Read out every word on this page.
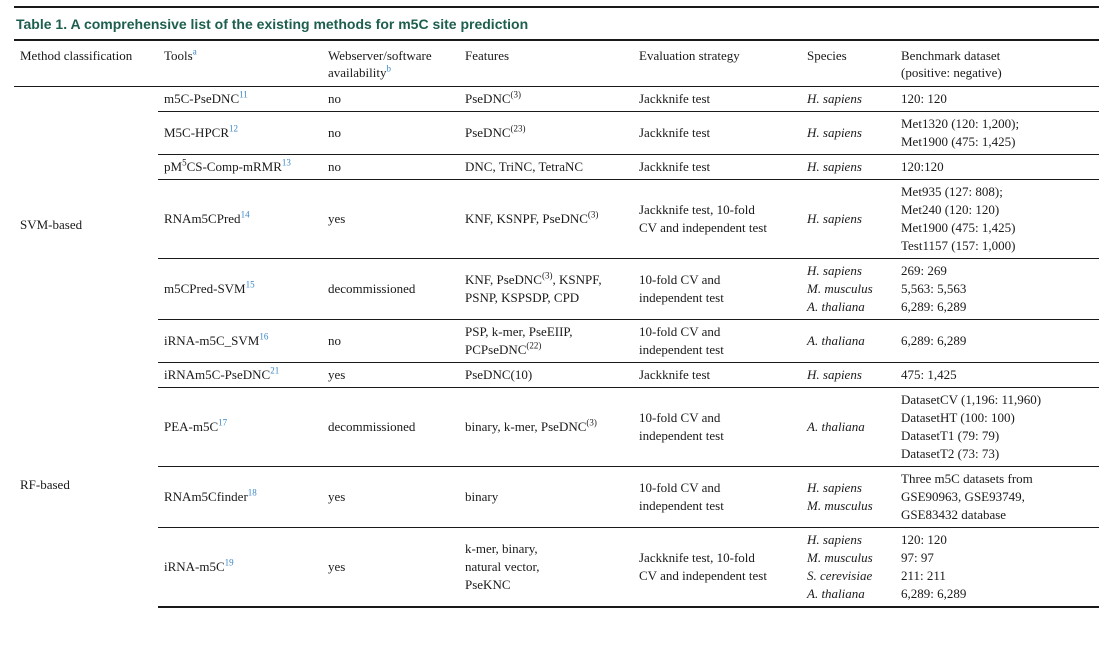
Table 1. A comprehensive list of the existing methods for m5C site prediction
Method classification	Tools$^a$	Webserver/software
availability$^b$	Features	Evaluation strategy	Species	Benchmark dataset
(positive: negative)
SVM-based	m5C-PseDNC$^{11}$	no	PseDNC$^{(3)}$	Jackknife test	H. sapiens	120: 120

	M5C-HPCR$^{12}$	no	PseDNC$^{(23)}$	Jackknife test	H. sapiens	Met1320 (120: 1,200);
Met1900 (475: 1,425)

	$pM^5CS-Comp-mRMR^{13}$	no	DNC, TriNC, TetraNC	Jackknife test	H. sapiens	120:120

	RNAm5CPred$^{14}$	yes	KNF, KSNPF, PseDNC$^{(3)}$	Jackknife test, 10-fold
CV and independent test	H. sapiens	Met935 (127: 808);
Met240 (120: 120)
Met1900 (475: 1,425)
Test1157 (157: 1,000)

	m5CPred-SVM$^{15}$	decommissioned	KNF, PseDNC$^{(3)}$, KSNPF,
PSNP, KSPSDP, CPD	10-fold CV and
independent test	H. sapiens
M. musculus
A. thaliana	269: 269
5,563: 5,563
6,289: 6,289

	iRNA-m5C_SVM$^{16}$	no	PSP, k-mer, PseEIIP,
PCPseDNC$^{(22)}$	10-fold CV and
independent test	A. thaliana	6,289: 6,289

RF-based	iRNAm5C-PseDNC$^{21}$	yes	PseDNC(10)	Jackknife test	H. sapiens	475: 1,425

	PEA-m5C$^{17}$	decommissioned	binary, k-mer, PseDNC$^{(3)}$	10-fold CV and
independent test	A. thaliana	DatasetCV (1,196: 11,960)
DatasetHT (100: 100)
DatasetT1 (79: 79)
DatasetT2 (73: 73)

	RNAm5Cfinder$^{18}$	yes	binary	10-fold CV and
independent test	H. sapiens
M. musculus	Three m5C datasets from
GSE90963, GSE93749,
GSE83432 database

	iRNA-m5C$^{19}$	yes	k-mer, binary,
natural vector,
PseKNC	Jackknife test, 10-fold
CV and independent test	H. sapiens
M. musculus
S. cerevisiae
A. thaliana	120: 120
97: 97
211: 211
6,289: 6,289
